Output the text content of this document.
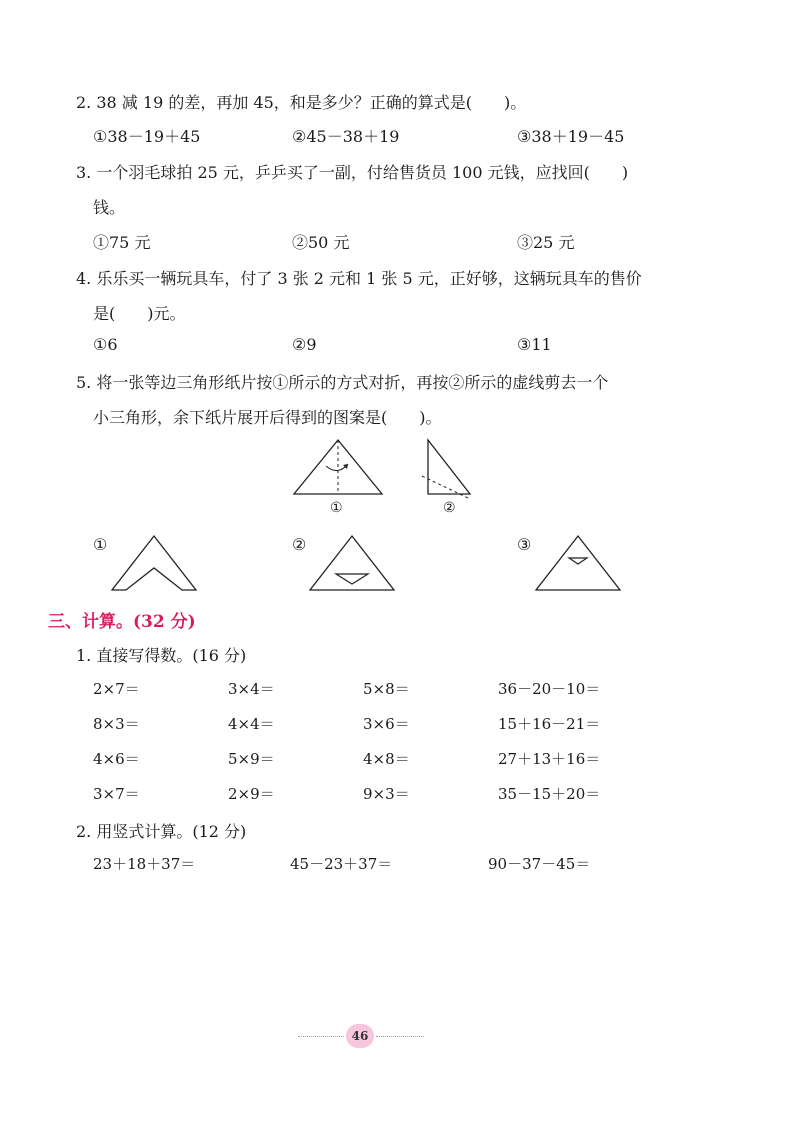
2. 38 减 19 的差，再加 45，和是多少？正确的算式是(　　)。
①38－19＋45	②45－38＋19	③38＋19－45
3. 一个羽毛球拍 25 元，乒乒买了一副，付给售货员 100 元钱，应找回(　　)
钱。
①75 元	②50 元	③25 元
4. 乐乐买一辆玩具车，付了 3 张 2 元和 1 张 5 元，正好够，这辆玩具车的售价
是(　　)元。
①6	②9	③11
5. 将一张等边三角形纸片按①所示的方式对折，再按②所示的虚线剪去一个
小三角形，余下纸片展开后得到的图案是(　　)。
①	②
①	②	③
三、计算。(32 分)
1. 直接写得数。(16 分)
2×7＝	3×4＝	5×8＝	36－20－10＝
8×3＝	4×4＝	3×6＝	15＋16－21＝
4×6＝	5×9＝	4×8＝	27＋13＋16＝
3×7＝	2×9＝	9×3＝	35－15＋20＝
2. 用竖式计算。(12 分)
23＋18＋37＝	45－23＋37＝	90－37－45＝
46
